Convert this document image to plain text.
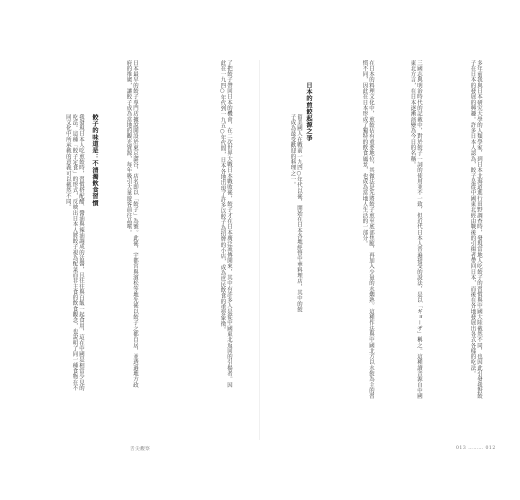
了把餃子帶回日本的機會，在二次世界大戰日本戰敗後，餃子才在日本廣泛流傳開來，其中有許多人是從中國東北返回的引揚者。因此在一九四○年代到一九五○年代間，日本各地出現了許多以餃子為招牌的小店，成為庶民飲食的重要象徵。
日本最早的餃子專門店據說開設於東京澀谷，店名即以「餃子」為號。此後，宇都宮與濱松等地先後以餃子之都自居，並透過地方政府的推廣，讓餃子成為當地的觀光資源，每年吸引大量遊客前往品嚐。
餃子的味道是：不清濁飲食習慣
我發現日本人吃煎餃時，習慣搭配醋、醬油與辣油調成的沾醬，且往往與白飯一起食用，這在中國是相當少見的吃法。這種「餃子定食」的形式，反映出日本人將餃子視為配菜而非主食的飲食觀念，也說明了同一種食物在不同文化中所承載的意義可以截然不同。
舌尖觀察
多年前我與日本研究大學的人類學家，到日本北海道進行田野調查時，發現當地人吃餃子的習慣與中國大陸截然不同，也因此引發我對餃子在日本的發展的興趣。許多日本人認為，餃子是從中國東北經由戰後的引揚者帶回日本，而後在各地發展出各式各樣的吃法。
三國志與明治時代的記載中，對於餃子一詞的使用並不一致，但近代日本人普遍接受的說法，是以「ギョーザ」稱之。這種讀音源自中國東北方言，在日本逐漸演變為今日的名稱。
在日本的料理文化中，煎餃佔有重要地位，其做法是先將餃子煎至底部焦脆，再加入少量的水燜熟。這種作法與中國北方以水餃為主的習慣不同，因此在日本形成了獨特的飲食風景，也成為當地人生活的一部分。
日本的煎餃起源之爭
留美國人在戰前一九四○年代以後，開始在日本各地經營中華料理店，其中的餃子成為最受歡迎的料理之一。
013 ……… 012
